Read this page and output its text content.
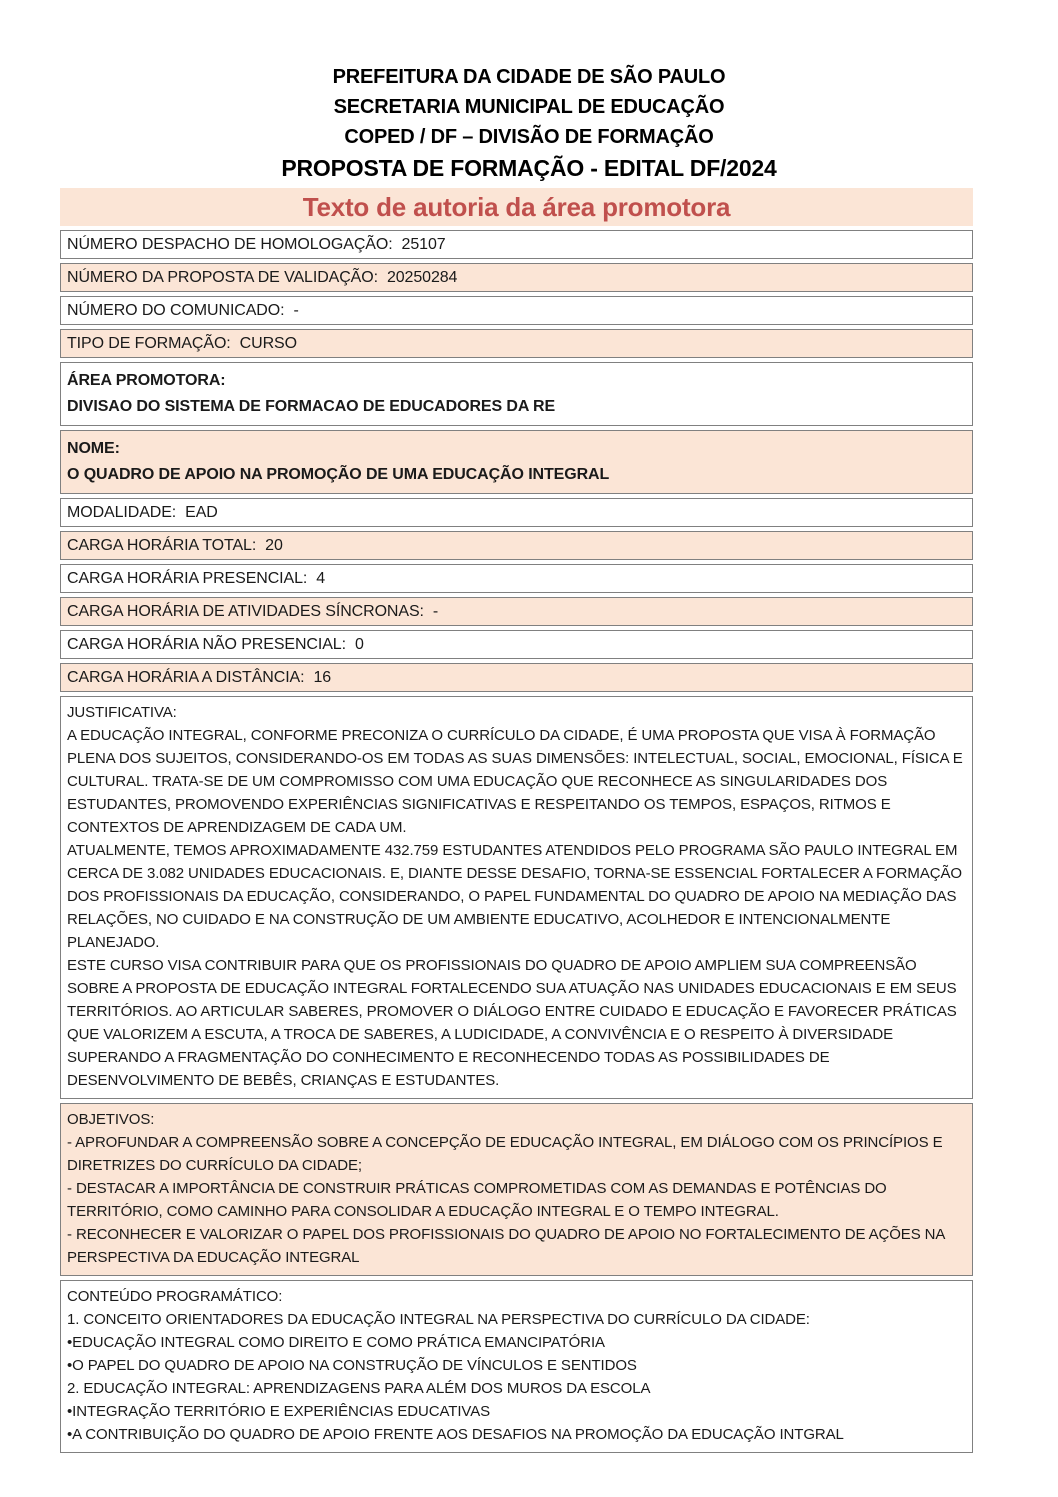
PREFEITURA DA CIDADE DE SÃO PAULO
SECRETARIA MUNICIPAL DE EDUCAÇÃO
COPED / DF – DIVISÃO DE FORMAÇÃO
PROPOSTA DE FORMAÇÃO - EDITAL DF/2024
Texto de autoria da área promotora
NÚMERO DESPACHO DE HOMOLOGAÇÃO: 25107
NÚMERO DA PROPOSTA DE VALIDAÇÃO: 20250284
NÚMERO DO COMUNICADO: -
TIPO DE FORMAÇÃO: CURSO
ÁREA PROMOTORA:
DIVISAO DO SISTEMA DE FORMACAO DE EDUCADORES DA RE
NOME:
O QUADRO DE APOIO NA PROMOÇÃO DE UMA EDUCAÇÃO INTEGRAL
MODALIDADE: EAD
CARGA HORÁRIA TOTAL: 20
CARGA HORÁRIA PRESENCIAL: 4
CARGA HORÁRIA DE ATIVIDADES SÍNCRONAS: -
CARGA HORÁRIA NÃO PRESENCIAL: 0
CARGA HORÁRIA A DISTÂNCIA: 16
JUSTIFICATIVA:
A EDUCAÇÃO INTEGRAL, CONFORME PRECONIZA O CURRÍCULO DA CIDADE, É UMA PROPOSTA QUE VISA À FORMAÇÃO PLENA DOS SUJEITOS, CONSIDERANDO-OS EM TODAS AS SUAS DIMENSÕES: INTELECTUAL, SOCIAL, EMOCIONAL, FÍSICA E CULTURAL. TRATA-SE DE UM COMPROMISSO COM UMA EDUCAÇÃO QUE RECONHECE AS SINGULARIDADES DOS ESTUDANTES, PROMOVENDO EXPERIÊNCIAS SIGNIFICATIVAS E RESPEITANDO OS TEMPOS, ESPAÇOS, RITMOS E CONTEXTOS DE APRENDIZAGEM DE CADA UM.
ATUALMENTE, TEMOS APROXIMADAMENTE 432.759 ESTUDANTES ATENDIDOS PELO PROGRAMA SÃO PAULO INTEGRAL EM CERCA DE 3.082 UNIDADES EDUCACIONAIS. E, DIANTE DESSE DESAFIO, TORNA-SE ESSENCIAL FORTALECER A FORMAÇÃO DOS PROFISSIONAIS DA EDUCAÇÃO, CONSIDERANDO, O PAPEL FUNDAMENTAL DO QUADRO DE APOIO NA MEDIAÇÃO DAS RELAÇÕES, NO CUIDADO E NA CONSTRUÇÃO DE UM AMBIENTE EDUCATIVO, ACOLHEDOR E INTENCIONALMENTE PLANEJADO.
ESTE CURSO VISA CONTRIBUIR PARA QUE OS PROFISSIONAIS DO QUADRO DE APOIO AMPLIEM SUA COMPREENSÃO SOBRE A PROPOSTA DE EDUCAÇÃO INTEGRAL FORTALECENDO SUA ATUAÇÃO NAS UNIDADES EDUCACIONAIS E EM SEUS TERRITÓRIOS. AO ARTICULAR SABERES, PROMOVER O DIÁLOGO ENTRE CUIDADO E EDUCAÇÃO E FAVORECER PRÁTICAS QUE VALORIZEM A ESCUTA, A TROCA DE SABERES, A LUDICIDADE, A CONVIVÊNCIA E O RESPEITO À DIVERSIDADE SUPERANDO A FRAGMENTAÇÃO DO CONHECIMENTO E RECONHECENDO TODAS AS POSSIBILIDADES DE DESENVOLVIMENTO DE BEBÊS, CRIANÇAS E ESTUDANTES.
OBJETIVOS:
- APROFUNDAR A COMPREENSÃO SOBRE A CONCEPÇÃO DE EDUCAÇÃO INTEGRAL, EM DIÁLOGO COM OS PRINCÍPIOS E DIRETRIZES DO CURRÍCULO DA CIDADE;
- DESTACAR A IMPORTÂNCIA DE CONSTRUIR PRÁTICAS COMPROMETIDAS COM AS DEMANDAS E POTÊNCIAS DO TERRITÓRIO, COMO CAMINHO PARA CONSOLIDAR A EDUCAÇÃO INTEGRAL E O TEMPO INTEGRAL.
- RECONHECER E VALORIZAR O PAPEL DOS PROFISSIONAIS DO QUADRO DE APOIO NO FORTALECIMENTO DE AÇÕES NA PERSPECTIVA DA EDUCAÇÃO INTEGRAL
CONTEÚDO PROGRAMÁTICO:
1. CONCEITO ORIENTADORES DA EDUCAÇÃO INTEGRAL NA PERSPECTIVA DO CURRÍCULO DA CIDADE:
•EDUCAÇÃO INTEGRAL COMO DIREITO E COMO PRÁTICA EMANCIPATÓRIA
•O PAPEL DO QUADRO DE APOIO NA CONSTRUÇÃO DE VÍNCULOS E SENTIDOS
2. EDUCAÇÃO INTEGRAL: APRENDIZAGENS PARA ALÉM DOS MUROS DA ESCOLA
•INTEGRAÇÃO TERRITÓRIO E EXPERIÊNCIAS EDUCATIVAS
•A CONTRIBUIÇÃO DO QUADRO DE APOIO FRENTE AOS DESAFIOS NA PROMOÇÃO DA EDUCAÇÃO INTGRAL
